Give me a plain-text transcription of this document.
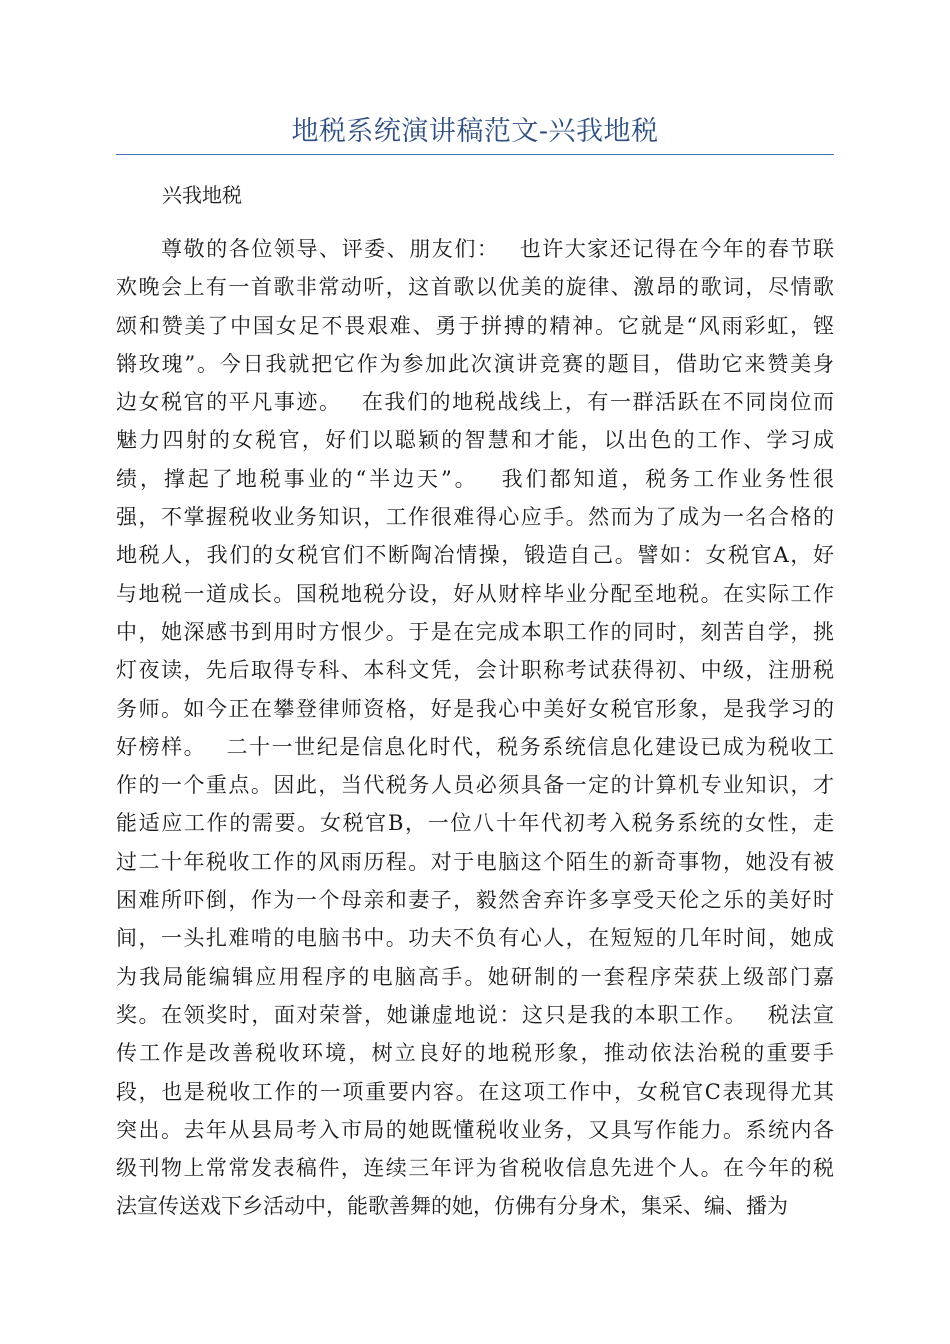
地税系统演讲稿范文-兴我地税
兴我地税
　　尊敬的各位领导、评委、朋友们：　 也许大家还记得在今年的春节联
欢晚会上有一首歌非常动听，这首歌以优美的旋律、激昂的歌词，尽情歌
颂和赞美了中国女足不畏艰难、勇于拼搏的精神。它就是“风雨彩虹，铿
锵玫瑰”。今日我就把它作为参加此次演讲竞赛的题目，借助它来赞美身
边女税官的平凡事迹。　 在我们的地税战线上，有一群活跃在不同岗位而
魅力四射的女税官，好们以聪颖的智慧和才能，以出色的工作、学习成
绩，撑起了地税事业的“半边天”。　 我们都知道，税务工作业务性很
强，不掌握税收业务知识，工作很难得心应手。然而为了成为一名合格的
地税人，我们的女税官们不断陶冶情操，锻造自己。譬如：女税官A，好
与地税一道成长。国税地税分设，好从财梓毕业分配至地税。在实际工作
中，她深感书到用时方恨少。于是在完成本职工作的同时，刻苦自学，挑
灯夜读，先后取得专科、本科文凭，会计职称考试获得初、中级，注册税
务师。如今正在攀登律师资格，好是我心中美好女税官形象，是我学习的
好榜样。　 二十一世纪是信息化时代，税务系统信息化建设已成为税收工
作的一个重点。因此，当代税务人员必须具备一定的计算机专业知识，才
能适应工作的需要。女税官B，一位八十年代初考入税务系统的女性，走
过二十年税收工作的风雨历程。对于电脑这个陌生的新奇事物，她没有被
困难所吓倒，作为一个母亲和妻子，毅然舍弃许多享受天伦之乐的美好时
间，一头扎难啃的电脑书中。功夫不负有心人，在短短的几年时间，她成
为我局能编辑应用程序的电脑高手。她研制的一套程序荣获上级部门嘉
奖。在领奖时，面对荣誉，她谦虚地说：这只是我的本职工作。　 税法宣
传工作是改善税收环境，树立良好的地税形象，推动依法治税的重要手
段，也是税收工作的一项重要内容。在这项工作中，女税官C表现得尤其
突出。去年从县局考入市局的她既懂税收业务，又具写作能力。系统内各
级刊物上常常发表稿件，连续三年评为省税收信息先进个人。在今年的税
法宣传送戏下乡活动中，能歌善舞的她，仿佛有分身术，集采、编、播为
